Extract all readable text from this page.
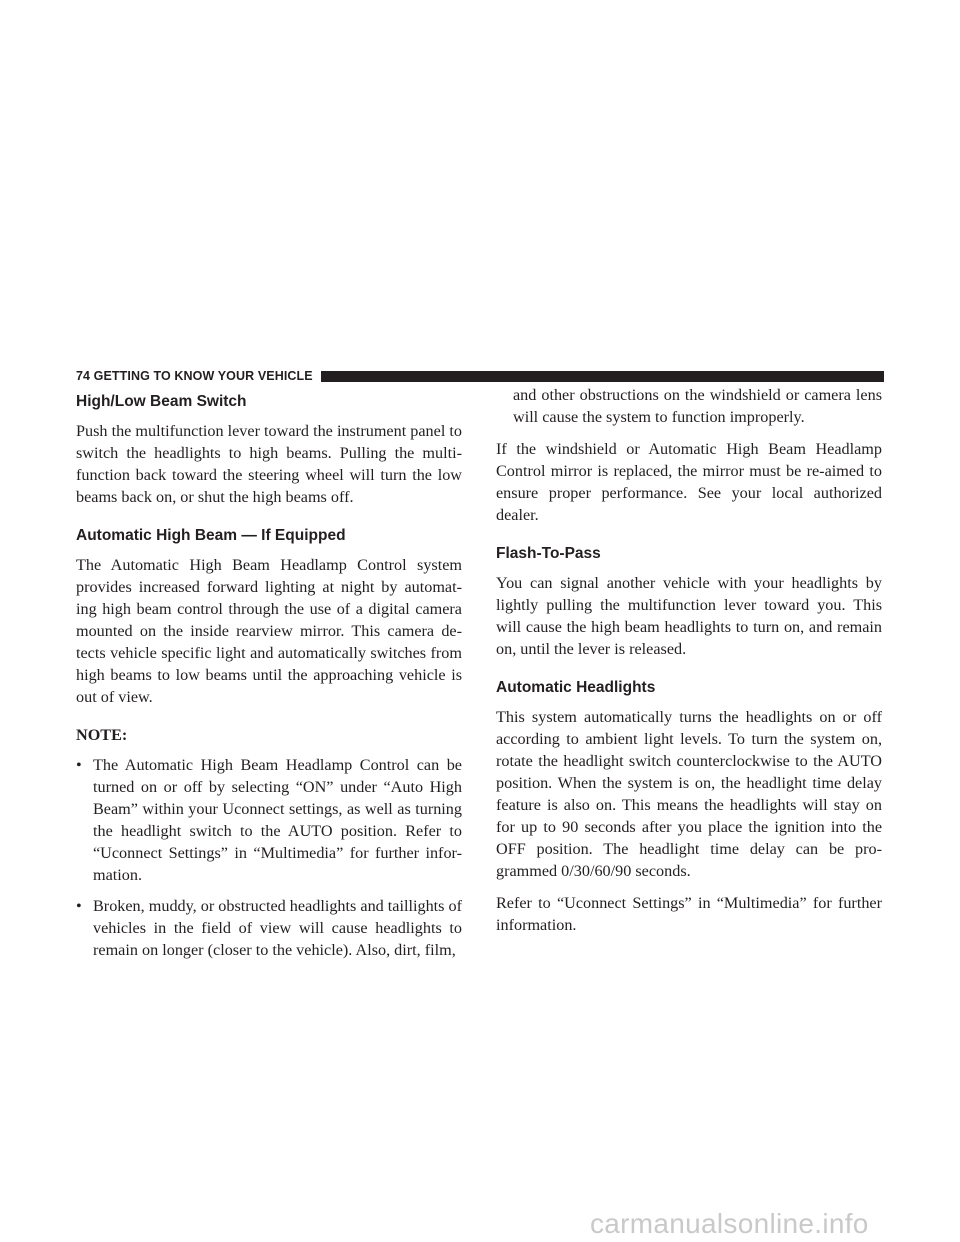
74 GETTING TO KNOW YOUR VEHICLE
High/Low Beam Switch

Push the multifunction lever toward the instrument panel to switch the headlights to high beams. Pulling the multi-function back toward the steering wheel will turn the low beams back on, or shut the high beams off.

Automatic High Beam — If Equipped

The Automatic High Beam Headlamp Control system provides increased forward lighting at night by automat-ing high beam control through the use of a digital camera mounted on the inside rearview mirror. This camera de-tects vehicle specific light and automatically switches from high beams to low beams until the approaching vehicle is out of view.

NOTE:
• The Automatic High Beam Headlamp Control can be turned on or off by selecting “ON” under “Auto High Beam” within your Uconnect settings, as well as turning the headlight switch to the AUTO position. Refer to “Uconnect Settings” in “Multimedia” for further infor-mation.
• Broken, muddy, or obstructed headlights and taillights of vehicles in the field of view will cause headlights to remain on longer (closer to the vehicle). Also, dirt, film,
and other obstructions on the windshield or camera lens will cause the system to function improperly.

If the windshield or Automatic High Beam Headlamp Control mirror is replaced, the mirror must be re-aimed to ensure proper performance. See your local authorized dealer.

Flash-To-Pass

You can signal another vehicle with your headlights by lightly pulling the multifunction lever toward you. This will cause the high beam headlights to turn on, and remain on, until the lever is released.

Automatic Headlights

This system automatically turns the headlights on or off according to ambient light levels. To turn the system on, rotate the headlight switch counterclockwise to the AUTO position. When the system is on, the headlight time delay feature is also on. This means the headlights will stay on for up to 90 seconds after you place the ignition into the OFF position. The headlight time delay can be pro-grammed 0/30/60/90 seconds.

Refer to “Uconnect Settings” in “Multimedia” for further information.

carmanualsonline.info
